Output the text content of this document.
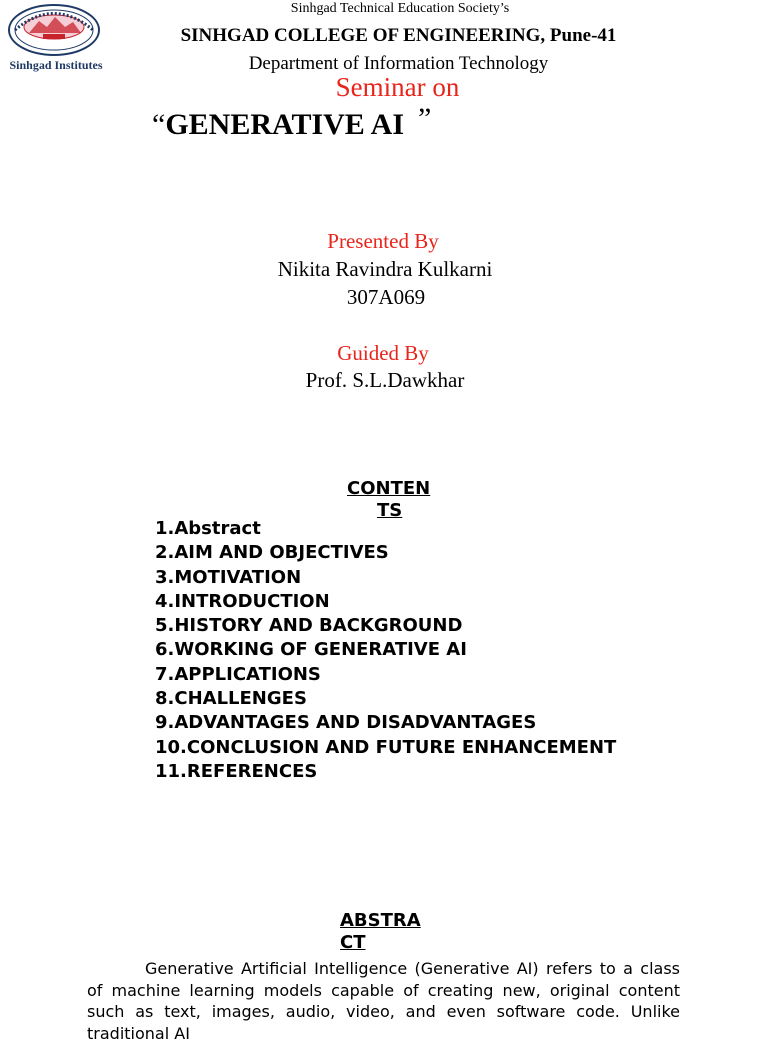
Sinhgad Institutes
Sinhgad Technical Education Society’s
SINHGAD COLLEGE OF ENGINEERING, Pune-41
Department of Information Technology
Seminar on
“GENERATIVE AI ”
Presented By
Nikita Ravindra Kulkarni
307A069
Guided By
Prof. S.L.Dawkhar
CONTEN
TS
1.Abstract
2.AIM AND OBJECTIVES
3.MOTIVATION
4.INTRODUCTION
5.HISTORY AND BACKGROUND
6.WORKING OF GENERATIVE AI
7.APPLICATIONS
8.CHALLENGES
9.ADVANTAGES AND DISADVANTAGES
10.CONCLUSION AND FUTURE ENHANCEMENT
11.REFERENCES
ABSTRA
CT

Generative Artificial Intelligence (Generative AI) refers to a class of machine learning models capable of creating new, original content such as text, images, audio, video, and even software code. Unlike traditional AI
